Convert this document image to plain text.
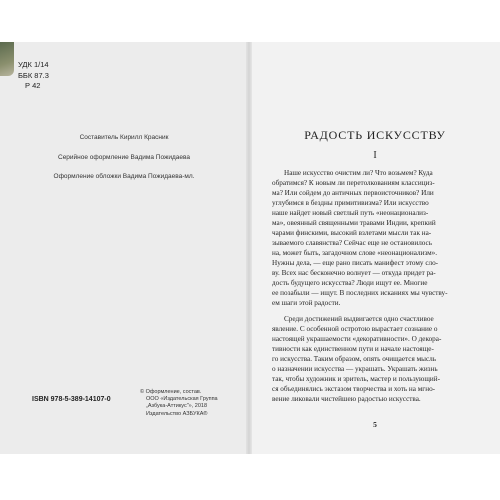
УДК 1/14
ББК 87.3
Р 42
Составитель Кирилл Красник
Серийное оформление Вадима Пожидаева
Оформление обложки Вадима Пожидаева-мл.
ISBN 978-5-389-14107-0
© Оформление, состав.
ООО «Издательская Группа
„Азбука-Аттикус"», 2018
Издательство АЗБУКА®
РАДОСТЬ ИСКУССТВУ
I
Наше искусство очистим ли? Что возьмем? Куда
обратимся? К новым ли перетолкованиям классициз-
ма? Или сойдем до античных первоисточников? Или
углубимся в бездны примитивизма? Или искусство
наше найдет новый светлый путь «неонационализ-
ма», овеянный священными травами Индии, крепкий
чарами финскими, высокий взлетами мысли так на-
зываемого славянства? Сейчас еще не остановилось
на, может быть, загадочном слове «неонационализм».
Нужны дела, — еще рано писать манифест этому сло-
ву. Всех нас бесконечно волнует — откуда придет ра-
дость будущего искусства? Люди ищут ее. Многие
ее позабыли — ищут. В последних исканиях мы чувству-
ем шаги этой радости.
Среди достижений выдвигается одно счастливое
явление. С особенной остротою вырастает сознание о
настоящей украшаемости «декоративности». О декора-
тивности как единственном пути и начале настояще-
го искусства. Таким образом, опять очищается мысль
о назначении искусства — украшать. Украшать жизнь
так, чтобы художник и зритель, мастер и пользующий-
ся объединялись экстазом творчества и хоть на мгно-
вение ликовали чистейшею радостью искусства.
5
